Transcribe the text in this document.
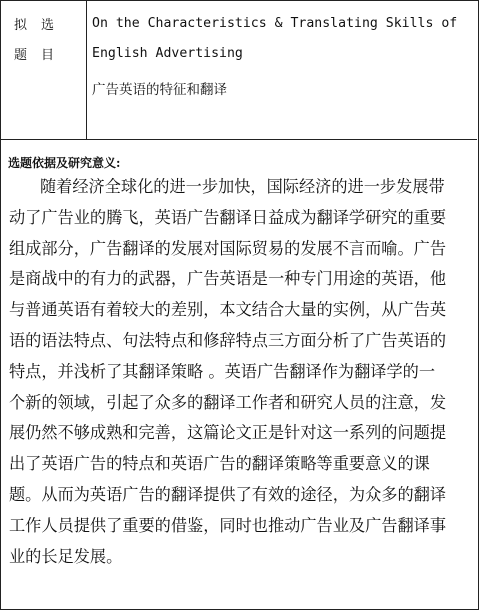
拟选
题目
On the Characteristics & Translating Skills of English Advertising
广告英语的特征和翻译
选题依据及研究意义:
随着经济全球化的进一步加快，国际经济的进一步发展带
动了广告业的腾飞，英语广告翻译日益成为翻译学研究的重要
组成部分，广告翻译的发展对国际贸易的发展不言而喻。广告
是商战中的有力的武器，广告英语是一种专门用途的英语，他
与普通英语有着较大的差别，本文结合大量的实例，从广告英
语的语法特点、句法特点和修辞特点三方面分析了广告英语的
特点，并浅析了其翻译策略 。英语广告翻译作为翻译学的一
个新的领域，引起了众多的翻译工作者和研究人员的注意，发
展仍然不够成熟和完善，这篇论文正是针对这一系列的问题提
出了英语广告的特点和英语广告的翻译策略等重要意义的课
题。从而为英语广告的翻译提供了有效的途径，为众多的翻译
工作人员提供了重要的借鉴，同时也推动广告业及广告翻译事
业的长足发展。
